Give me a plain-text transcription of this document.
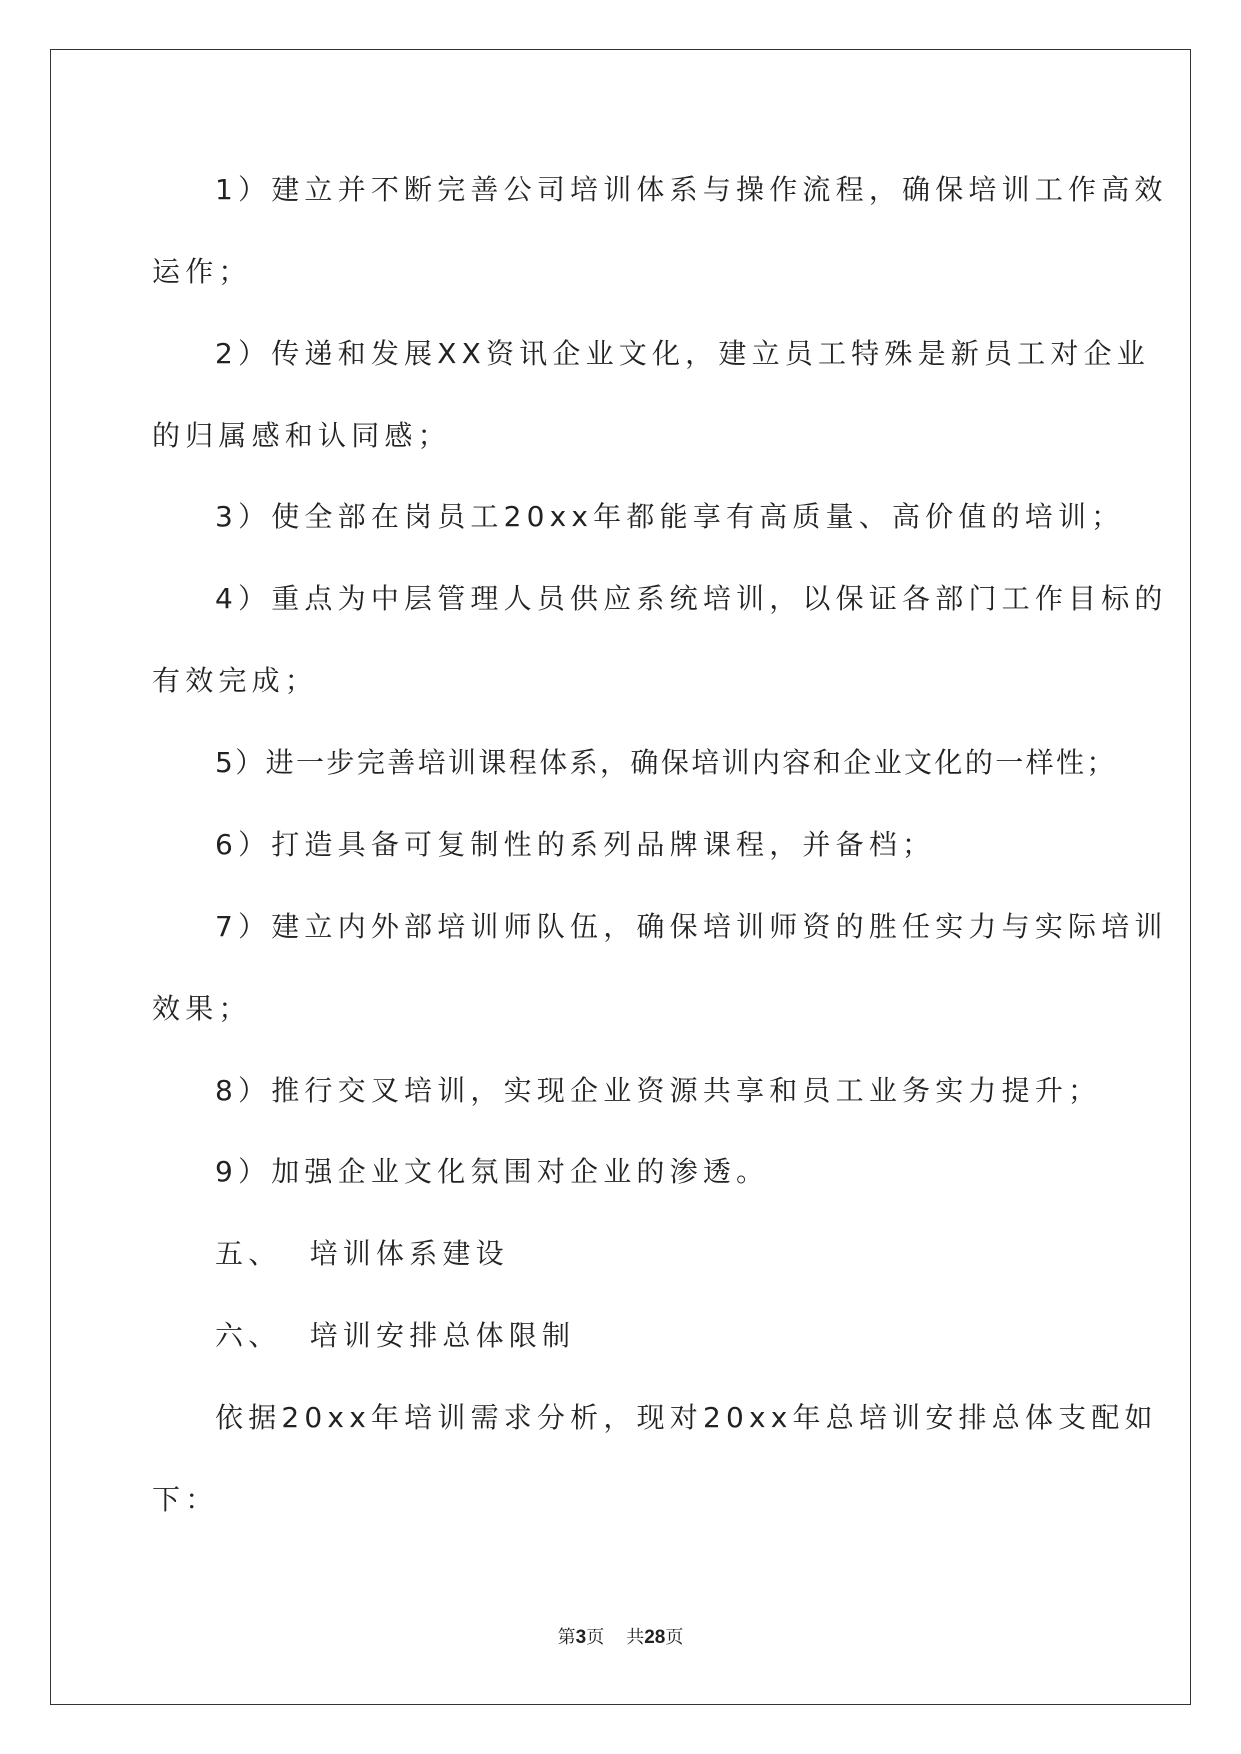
1）建立并不断完善公司培训体系与操作流程，确保培训工作高效
运作；
2）传递和发展XX资讯企业文化，建立员工特殊是新员工对企业
的归属感和认同感；
3）使全部在岗员工20xx年都能享有高质量、高价值的培训；
4）重点为中层管理人员供应系统培训，以保证各部门工作目标的
有效完成；
5）进一步完善培训课程体系，确保培训内容和企业文化的一样性；
6）打造具备可复制性的系列品牌课程，并备档；
7）建立内外部培训师队伍，确保培训师资的胜任实力与实际培训
效果；
8）推行交叉培训，实现企业资源共享和员工业务实力提升；
9）加强企业文化氛围对企业的渗透。
五、  培训体系建设
六、  培训安排总体限制
依据20xx年培训需求分析，现对20xx年总培训安排总体支配如
下：
第3页 共28页
